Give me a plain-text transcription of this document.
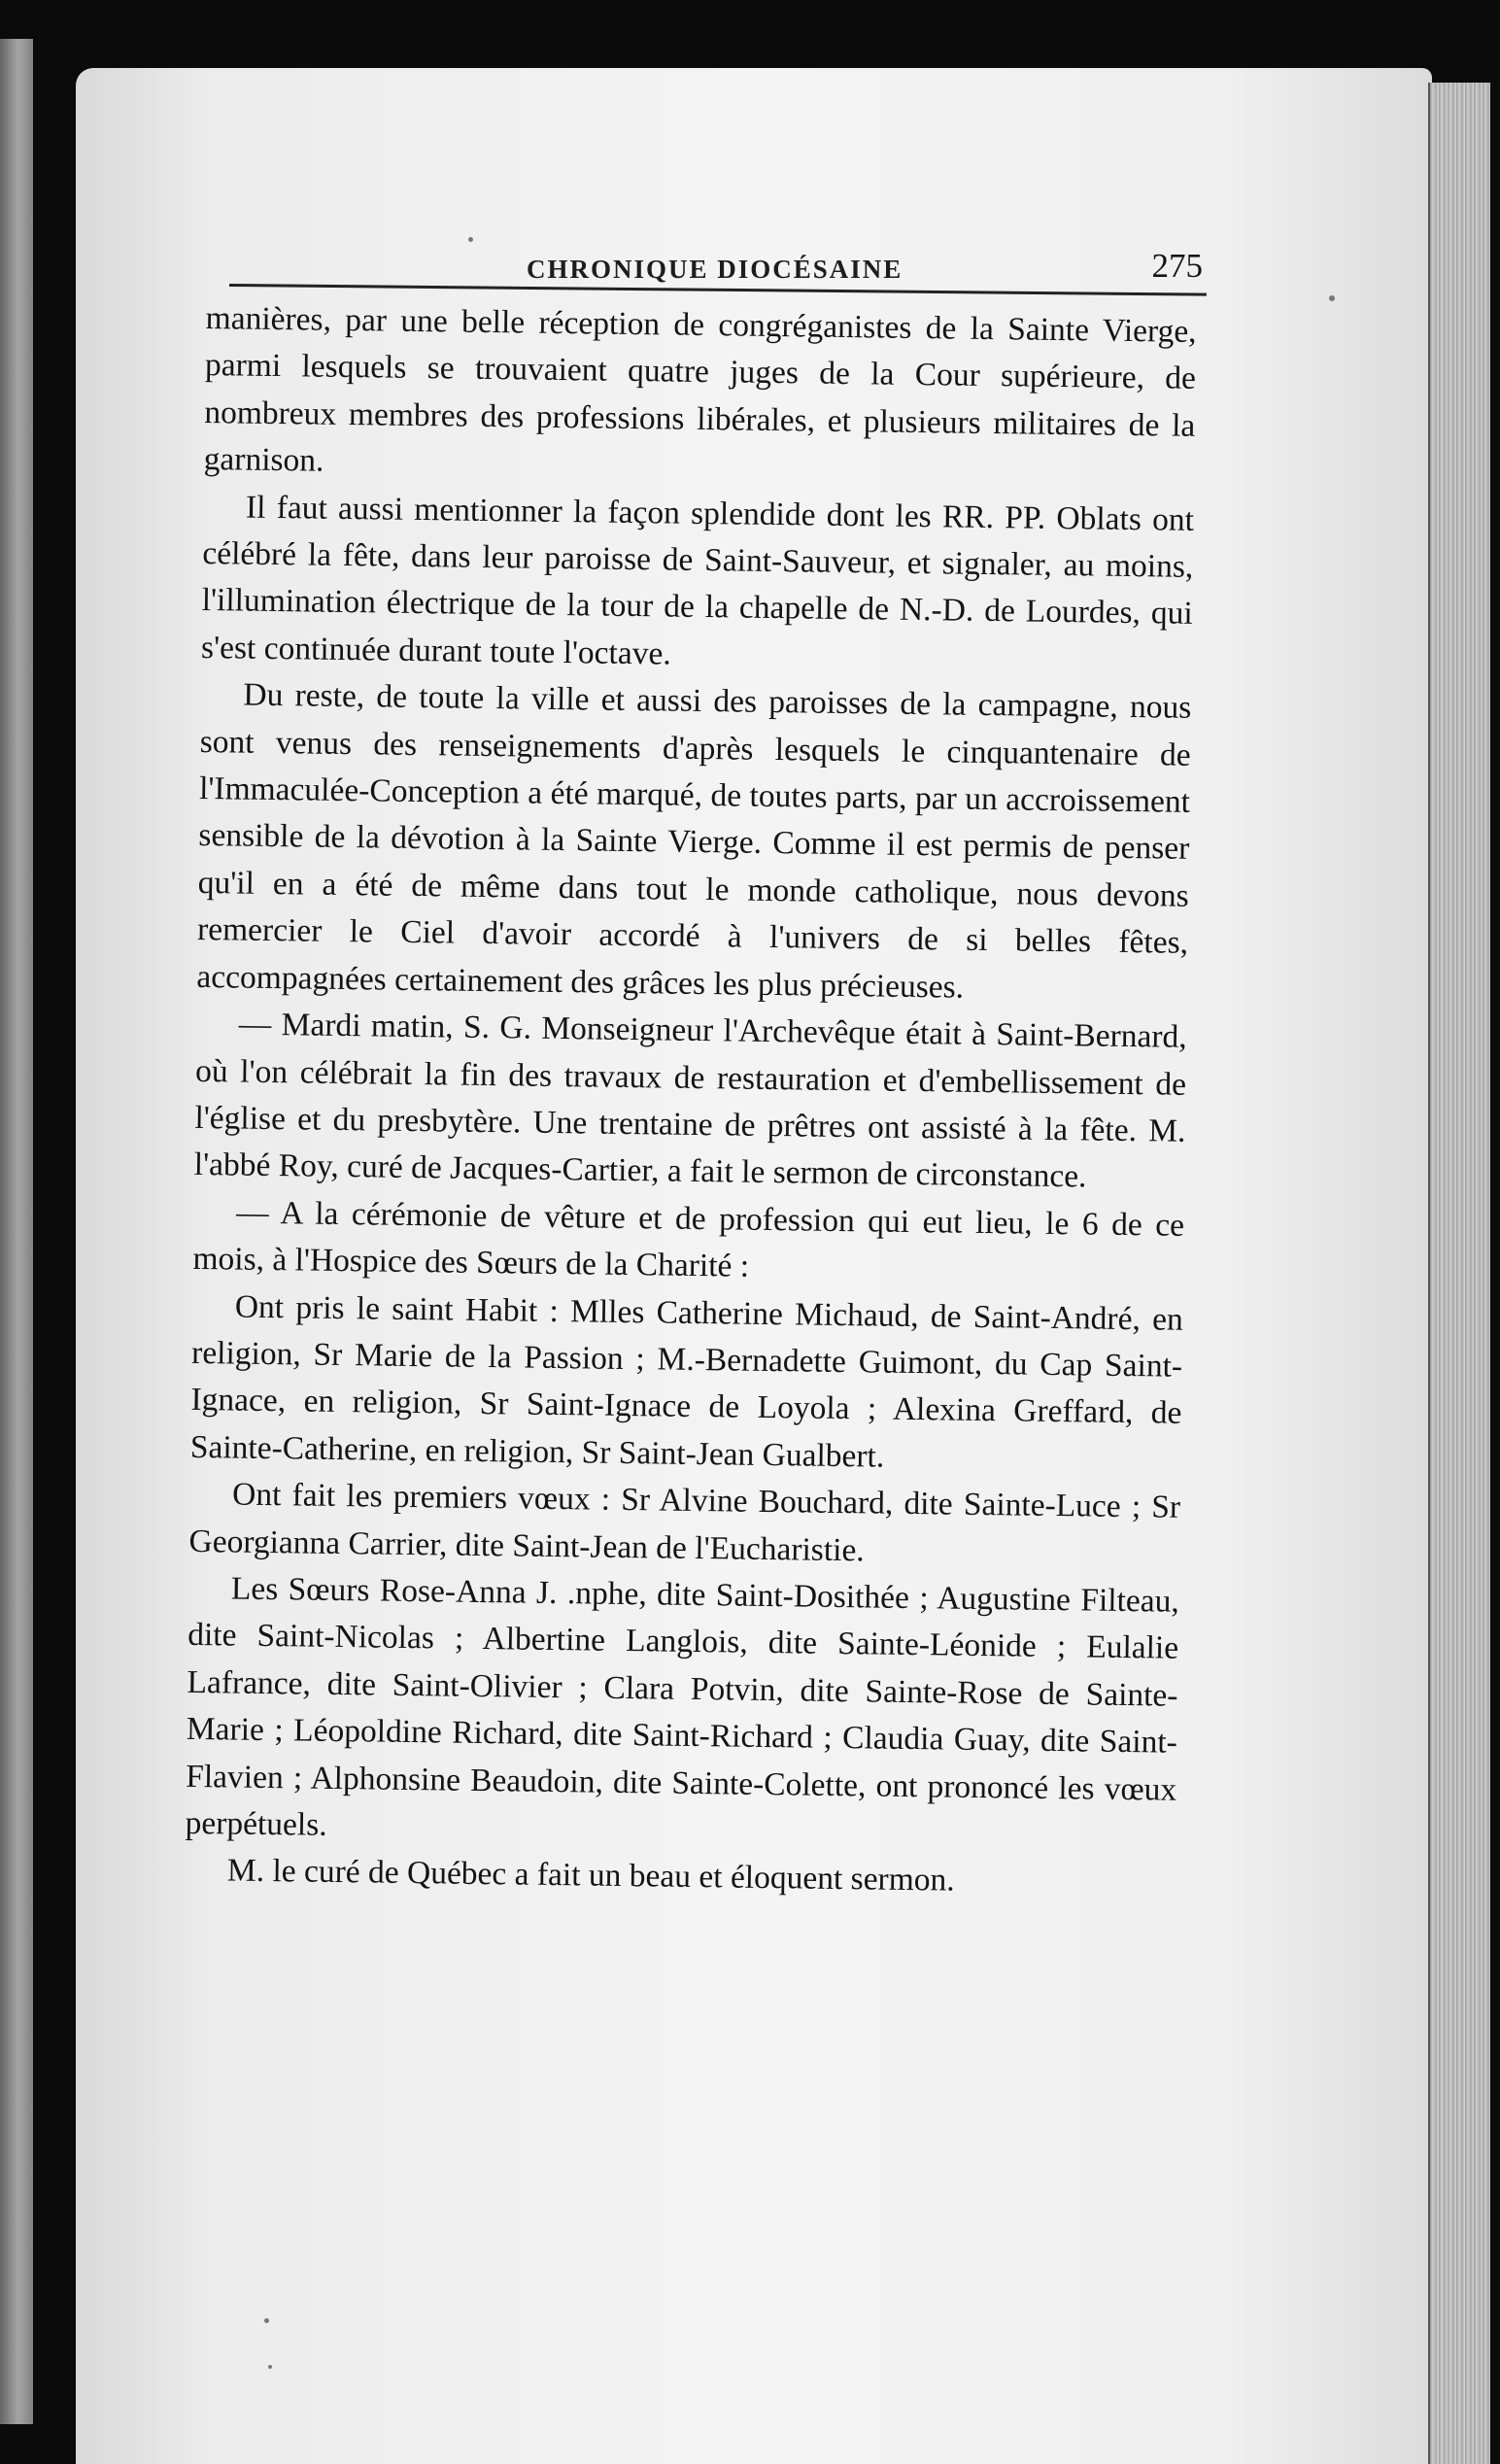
CHRONIQUE DIOCÉSAINE	275

manières, par une belle réception de congréganistes de la Sainte Vierge, parmi lesquels se trouvaient quatre juges de la Cour supérieure, de nombreux membres des professions libérales, et plusieurs militaires de la garnison.

Il faut aussi mentionner la façon splendide dont les RR. PP. Oblats ont célébré la fête, dans leur paroisse de Saint-Sauveur, et signaler, au moins, l'illumination électrique de la tour de la chapelle de N.-D. de Lourdes, qui s'est continuée durant toute l'octave.

Du reste, de toute la ville et aussi des paroisses de la campagne, nous sont venus des renseignements d'après lesquels le cinquantenaire de l'Immaculée-Conception a été marqué, de toutes parts, par un accroissement sensible de la dévotion à la Sainte Vierge. Comme il est permis de penser qu'il en a été de même dans tout le monde catholique, nous devons remercier le Ciel d'avoir accordé à l'univers de si belles fêtes, accompagnées certainement des grâces les plus précieuses.

— Mardi matin, S. G. Monseigneur l'Archevêque était à Saint-Bernard, où l'on célébrait la fin des travaux de restauration et d'embellissement de l'église et du presbytère. Une trentaine de prêtres ont assisté à la fête. M. l'abbé Roy, curé de Jacques-Cartier, a fait le sermon de circonstance.

— A la cérémonie de vêture et de profession qui eut lieu, le 6 de ce mois, à l'Hospice des Sœurs de la Charité :

Ont pris le saint Habit : Mlles Catherine Michaud, de Saint-André, en religion, Sr Marie de la Passion ; M.-Bernadette Guimont, du Cap Saint-Ignace, en religion, Sr Saint-Ignace de Loyola ; Alexina Greffard, de Sainte-Catherine, en religion, Sr Saint-Jean Gualbert.

Ont fait les premiers vœux : Sr Alvine Bouchard, dite Sainte-Luce ; Sr Georgianna Carrier, dite Saint-Jean de l'Eucharistie.

Les Sœurs Rose-Anna J. .nphe, dite Saint-Dosithée ; Augustine Filteau, dite Saint-Nicolas ; Albertine Langlois, dite Sainte-Léonide ; Eulalie Lafrance, dite Saint-Olivier ; Clara Potvin, dite Sainte-Rose de Sainte-Marie ; Léopoldine Richard, dite Saint-Richard ; Claudia Guay, dite Saint-Flavien ; Alphonsine Beaudoin, dite Sainte-Colette, ont prononcé les vœux perpétuels.

M. le curé de Québec a fait un beau et éloquent sermon.
